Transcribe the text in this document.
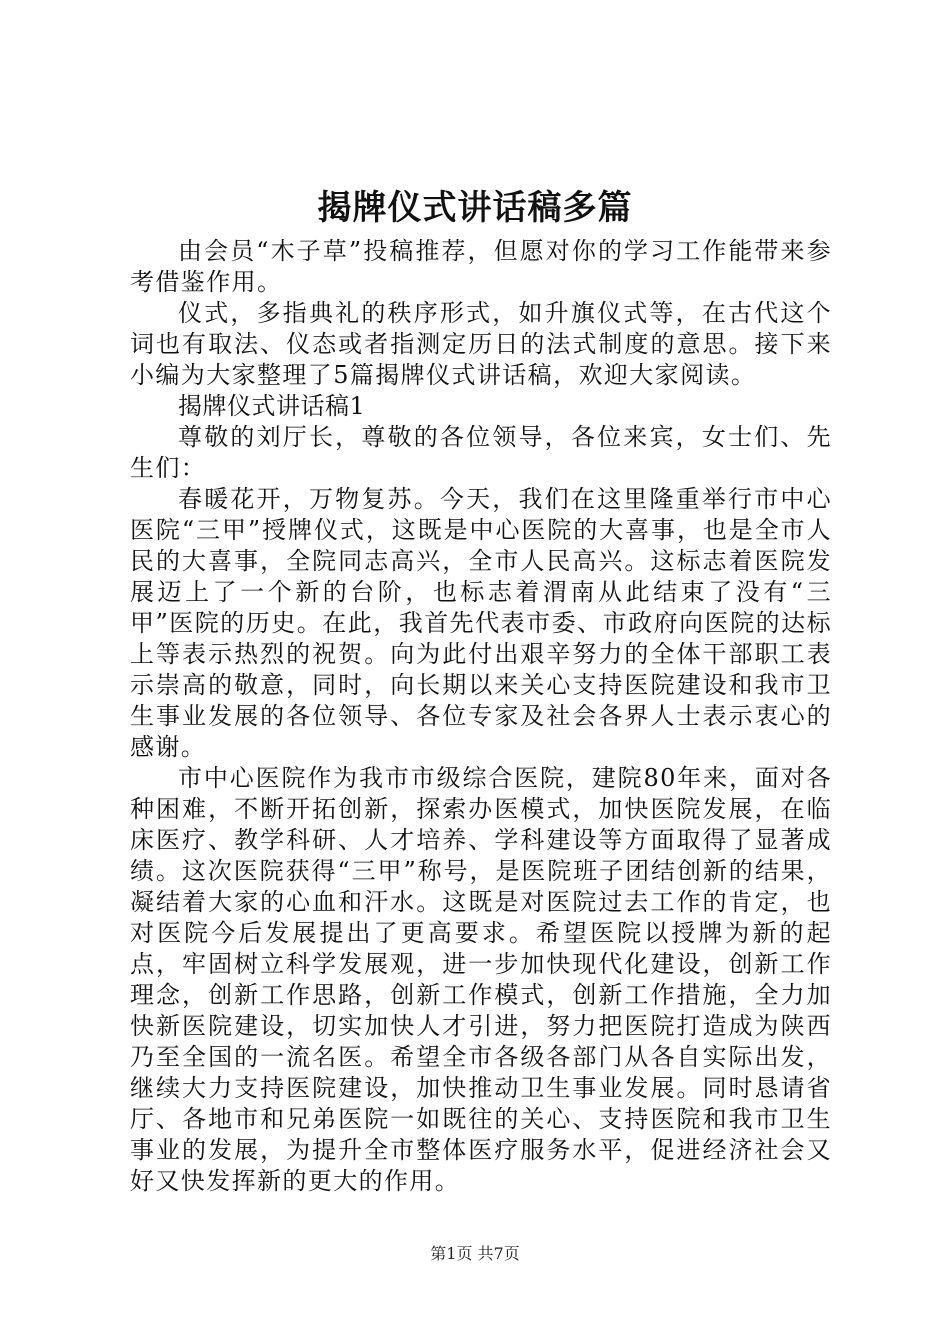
揭牌仪式讲话稿多篇

由会员“木子草”投稿推荐，但愿对你的学习工作能带来参考借鉴作用。

仪式，多指典礼的秩序形式，如升旗仪式等，在古代这个词也有取法、仪态或者指测定历日的法式制度的意思。接下来小编为大家整理了5篇揭牌仪式讲话稿，欢迎大家阅读。

揭牌仪式讲话稿1

尊敬的刘厅长，尊敬的各位领导，各位来宾，女士们、先生们：

春暖花开，万物复苏。今天，我们在这里隆重举行市中心医院“三甲”授牌仪式，这既是中心医院的大喜事，也是全市人民的大喜事，全院同志高兴，全市人民高兴。这标志着医院发展迈上了一个新的台阶，也标志着渭南从此结束了没有“三甲”医院的历史。在此，我首先代表市委、市政府向医院的达标上等表示热烈的祝贺。向为此付出艰辛努力的全体干部职工表示崇高的敬意，同时，向长期以来关心支持医院建设和我市卫生事业发展的各位领导、各位专家及社会各界人士表示衷心的感谢。

市中心医院作为我市市级综合医院，建院80年来，面对各种困难，不断开拓创新，探索办医模式，加快医院发展，在临床医疗、教学科研、人才培养、学科建设等方面取得了显著成绩。这次医院获得“三甲”称号，是医院班子团结创新的结果，凝结着大家的心血和汗水。这既是对医院过去工作的肯定，也对医院今后发展提出了更高要求。希望医院以授牌为新的起点，牢固树立科学发展观，进一步加快现代化建设，创新工作理念，创新工作思路，创新工作模式，创新工作措施，全力加快新医院建设，切实加快人才引进，努力把医院打造成为陕西乃至全国的一流名医。希望全市各级各部门从各自实际出发，继续大力支持医院建设，加快推动卫生事业发展。同时恳请省厅、各地市和兄弟医院一如既往的关心、支持医院和我市卫生事业的发展，为提升全市整体医疗服务水平，促进经济社会又好又快发挥新的更大的作用。

第1页 共7页
